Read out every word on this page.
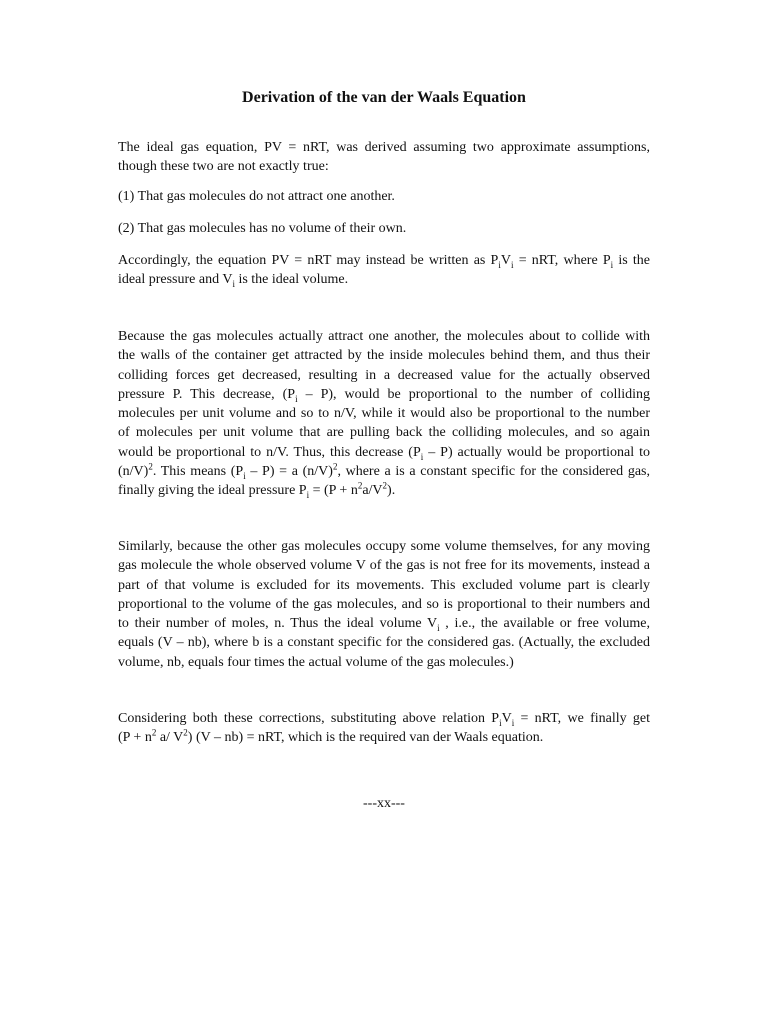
Derivation of the van der Waals Equation

The ideal gas equation, PV = nRT, was derived assuming two approximate assumptions,
though these two are not exactly true:

(1) That gas molecules do not attract one another.

(2) That gas molecules has no volume of their own.

Accordingly, the equation PV = nRT may instead be written as $P_iV_i$ = nRT, where $P_i$ is the
ideal pressure and $V_i$ is the ideal volume.

Because the gas molecules actually attract one another, the molecules about to collide with
the walls of the container get attracted by the inside molecules behind them, and thus their
colliding forces get decreased, resulting in a decreased value for the actually observed
pressure P. This decrease, $(P_i - P)$, would be proportional to the number of colliding
molecules per unit volume and so to n/V, while it would also be proportional to the number
of molecules per unit volume that are pulling back the colliding molecules, and so again
would be proportional to n/V. Thus, this decrease $(P_i - P)$ actually would be proportional to
$(n/V)^2$. This means $(P_i - P) = a$ $(n/V)^2$, where a is a constant specific for the considered gas,
finally giving the ideal pressure $P_i = (P + n^2a/V^2)$.

Similarly, because the other gas molecules occupy some volume themselves, for any moving
gas molecule the whole observed volume V of the gas is not free for its movements, instead a
part of that volume is excluded for its movements. This excluded volume part is clearly
proportional to the volume of the gas molecules, and so is proportional to their numbers and
to their number of moles, n. Thus the ideal volume $V_i$ , i.e., the available or free volume,
equals (V – nb), where b is a constant specific for the considered gas. (Actually, the excluded
volume, nb, equals four times the actual volume of the gas molecules.)

Considering both these corrections, substituting above relation $P_iV_i$ = nRT, we finally get
($P + n^2$ a/ $V^2$) (V – nb) = nRT, which is the required van der Waals equation.

---xx---
